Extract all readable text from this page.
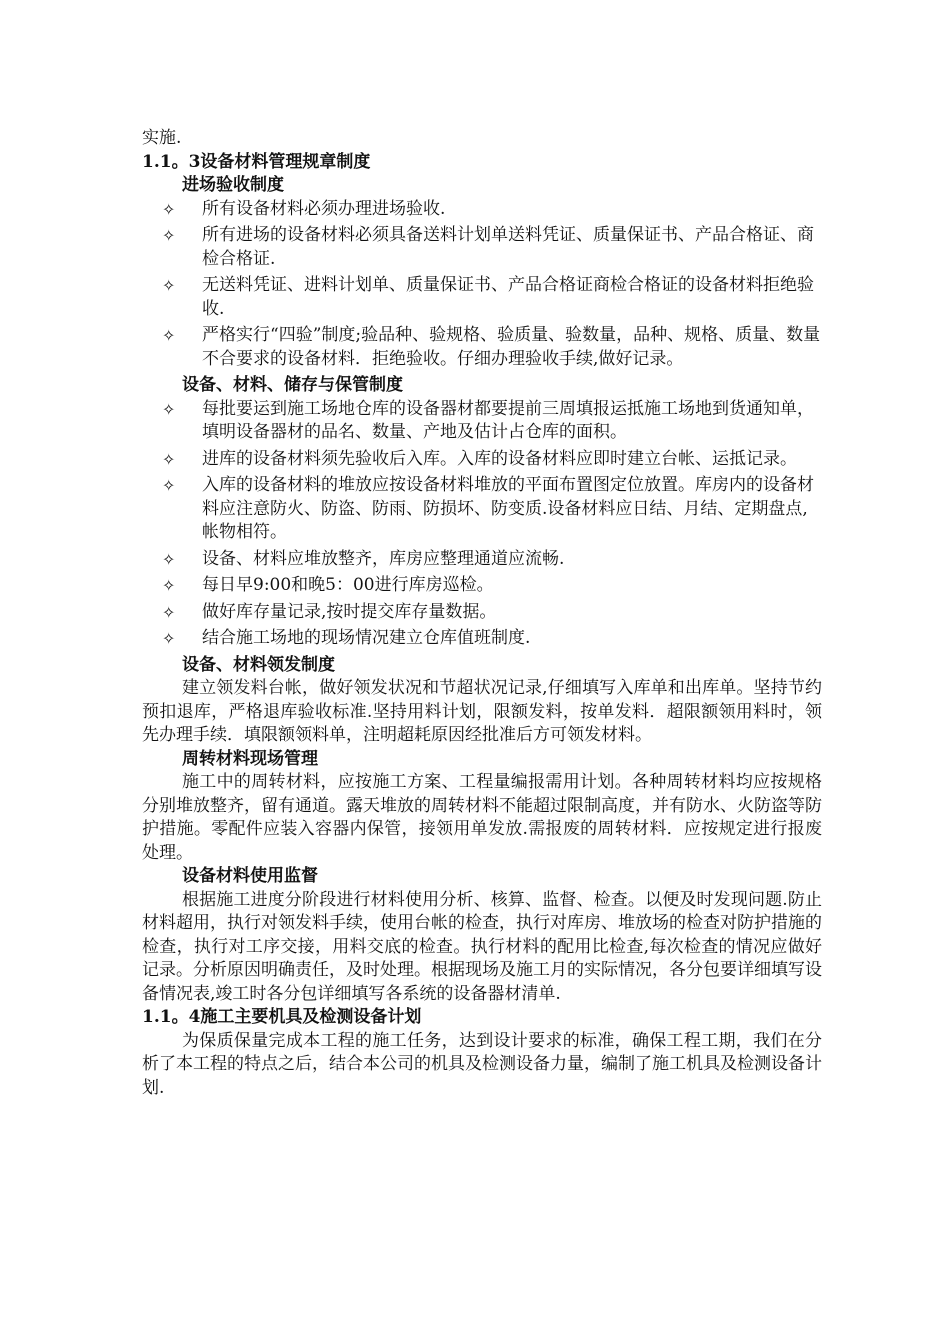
实施.

1.1。3设备材料管理规章制度

进场验收制度

✧	所有设备材料必须办理进场验收.
✧	所有进场的设备材料必须具备送料计划单送料凭证、质量保证书、产品合格证、商检合格证.
✧	无送料凭证、进料计划单、质量保证书、产品合格证商检合格证的设备材料拒绝验收.
✧	严格实行“四验”制度;验品种、验规格、验质量、验数量，品种、规格、质量、数量不合要求的设备材料．拒绝验收。仔细办理验收手续,做好记录。

设备、材料、储存与保管制度

✧	每批要运到施工场地仓库的设备器材都要提前三周填报运抵施工场地到货通知单，填明设备器材的品名、数量、产地及估计占仓库的面积。
✧	进库的设备材料须先验收后入库。入库的设备材料应即时建立台帐、运抵记录。
✧	入库的设备材料的堆放应按设备材料堆放的平面布置图定位放置。库房内的设备材料应注意防火、防盗、防雨、防损坏、防变质.设备材料应日结、月结、定期盘点,帐物相符。
✧	设备、材料应堆放整齐，库房应整理通道应流畅.
✧	每日早9:00和晚5：00进行库房巡检。
✧	做好库存量记录,按时提交库存量数据。
✧	结合施工场地的现场情况建立仓库值班制度.

设备、材料领发制度

建立领发料台帐，做好领发状况和节超状况记录,仔细填写入库单和出库单。坚持节约预扣退库，严格退库验收标准.坚持用料计划，限额发料，按单发料．超限额领用料时，领先办理手续．填限额领料单，注明超耗原因经批准后方可领发材料。

周转材料现场管理

施工中的周转材料，应按施工方案、工程量编报需用计划。各种周转材料均应按规格分别堆放整齐，留有通道。露天堆放的周转材料不能超过限制高度，并有防水、火防盗等防护措施。零配件应装入容器内保管，接领用单发放.需报废的周转材料．应按规定进行报废处理。

设备材料使用监督

根据施工进度分阶段进行材料使用分析、核算、监督、检查。以便及时发现问题.防止材料超用，执行对领发料手续，使用台帐的检查，执行对库房、堆放场的检查对防护措施的检查，执行对工序交接，用料交底的检查。执行材料的配用比检查,每次检查的情况应做好记录。分析原因明确责任，及时处理。根据现场及施工月的实际情况，各分包要详细填写设备情况表,竣工时各分包详细填写各系统的设备器材清单.

1.1。4施工主要机具及检测设备计划

为保质保量完成本工程的施工任务，达到设计要求的标准，确保工程工期，我们在分析了本工程的特点之后，结合本公司的机具及检测设备力量，编制了施工机具及检测设备计划.
